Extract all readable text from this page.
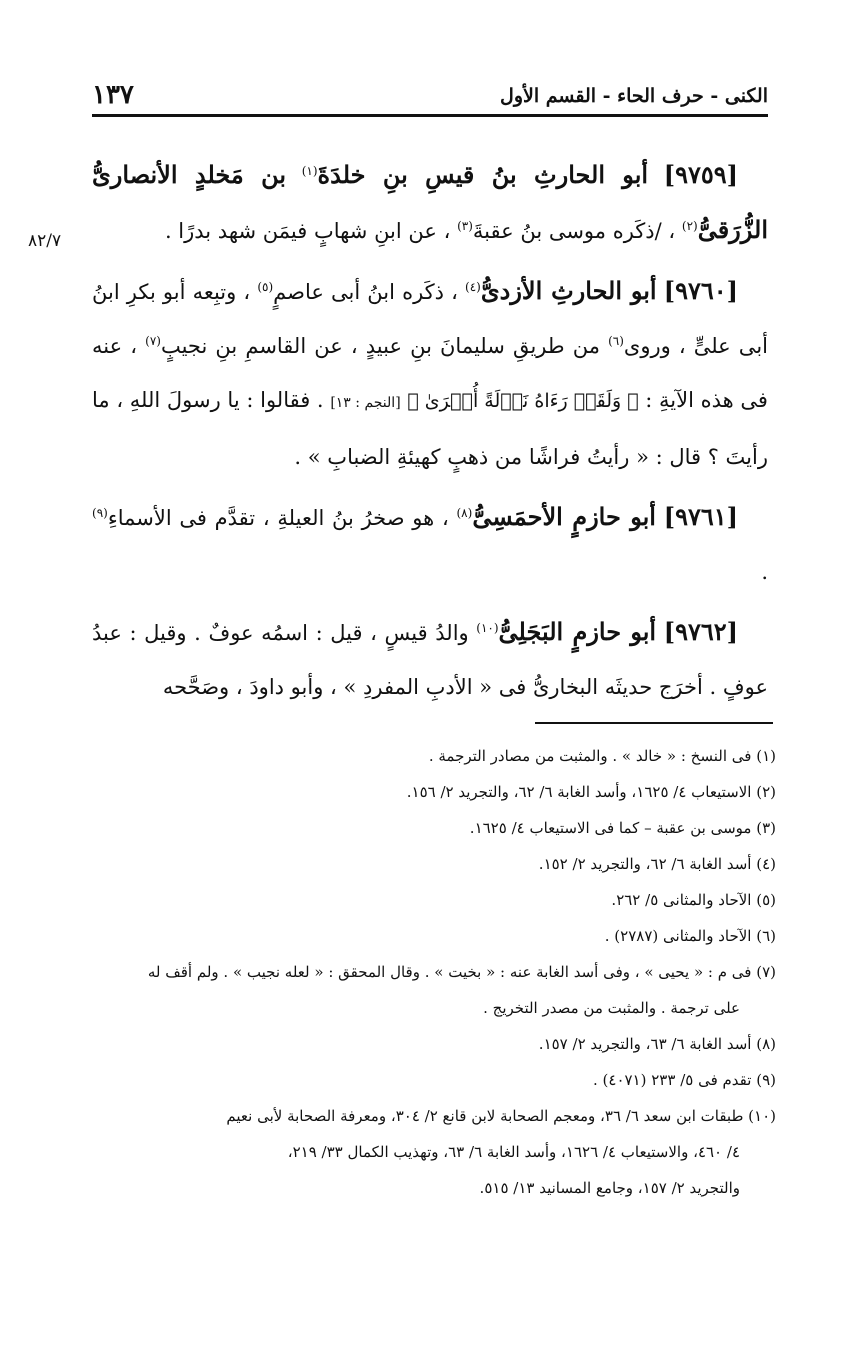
١٣٧	الكنى - حرف الحاء - القسم الأول
٨٢/٧

[٩٧٥٩] أبو الحارثِ بنُ قيسِ بنِ خلدَةَ$^{(١)}$ بن مَخلدٍ الأنصارىُّ الزُّرَقىُّ$^{(٢)}$ ، /ذكَره موسى بنُ عقبةَ$^{(٣)}$ ، عن ابنِ شهابٍ فيمَن شهد بدرًا .

[٩٧٦٠] أبو الحارثِ الأزدىُّ$^{(٤)}$ ، ذكَره ابنُ أبى عاصمٍ$^{(٥)}$ ، وتبِعه أبو بكرِ ابنُ أبى علىٍّ ، وروى$^{(٦)}$ من طريقِ سليمانَ بنِ عبيدٍ ، عن القاسمِ بنِ نجيبٍ$^{(٧)}$ ، عنه فى هذه الآيةِ : ﴿ وَلَقَدۡ رَءَاهُ نَزۡلَةً أُخۡرَىٰ ﴾ [النجم : ١٣] . فقالوا : يا رسولَ اللهِ ، ما رأيتَ ؟ قال : « رأيتُ فراشًا من ذهبٍ كهيئةِ الضبابِ » .

[٩٧٦١] أبو حازمٍ الأحمَسِىُّ$^{(٨)}$ ، هو صخرُ بنُ العيلةِ ، تقدَّم فى الأسماءِ$^{(٩)}$ .

[٩٧٦٢] أبو حازمٍ البَجَلِىُّ$^{(١٠)}$ والدُ قيسٍ ، قيل : اسمُه عوفٌ . وقيل : عبدُ عوفٍ . أخرَج حديثَه البخارىُّ فى « الأدبِ المفردِ » ، وأبو داودَ ، وصَحَّحه

(١) فى النسخ : « خالد » . والمثبت من مصادر الترجمة .

(٢) الاستيعاب ٤/ ١٦٢٥، وأسد الغابة ٦/ ٦٢، والتجريد ٢/ ١٥٦.

(٣) موسى بن عقبة – كما فى الاستيعاب ٤/ ١٦٢٥.

(٤) أسد الغابة ٦/ ٦٢، والتجريد ٢/ ١٥٢.

(٥) الآحاد والمثانى ٥/ ٢٦٢.

(٦) الآحاد والمثانى (٢٧٨٧) .

(٧) فى م : « يحيى » ، وفى أسد الغابة عنه : « بخيت » . وقال المحقق : « لعله نجيب » . ولم أقف له

على ترجمة . والمثبت من مصدر التخريج .

(٨) أسد الغابة ٦/ ٦٣، والتجريد ٢/ ١٥٧.

(٩) تقدم فى ٥/ ٢٣٣ (٤٠٧١) .

(١٠) طبقات ابن سعد ٦/ ٣٦، ومعجم الصحابة لابن قانع ٢/ ٣٠٤، ومعرفة الصحابة لأبى نعيم

٤/ ٤٦٠، والاستيعاب ٤/ ١٦٢٦، وأسد الغابة ٦/ ٦٣، وتهذيب الكمال ٣٣/ ٢١٩،

والتجريد ٢/ ١٥٧، وجامع المسانيد ١٣/ ٥١٥.
